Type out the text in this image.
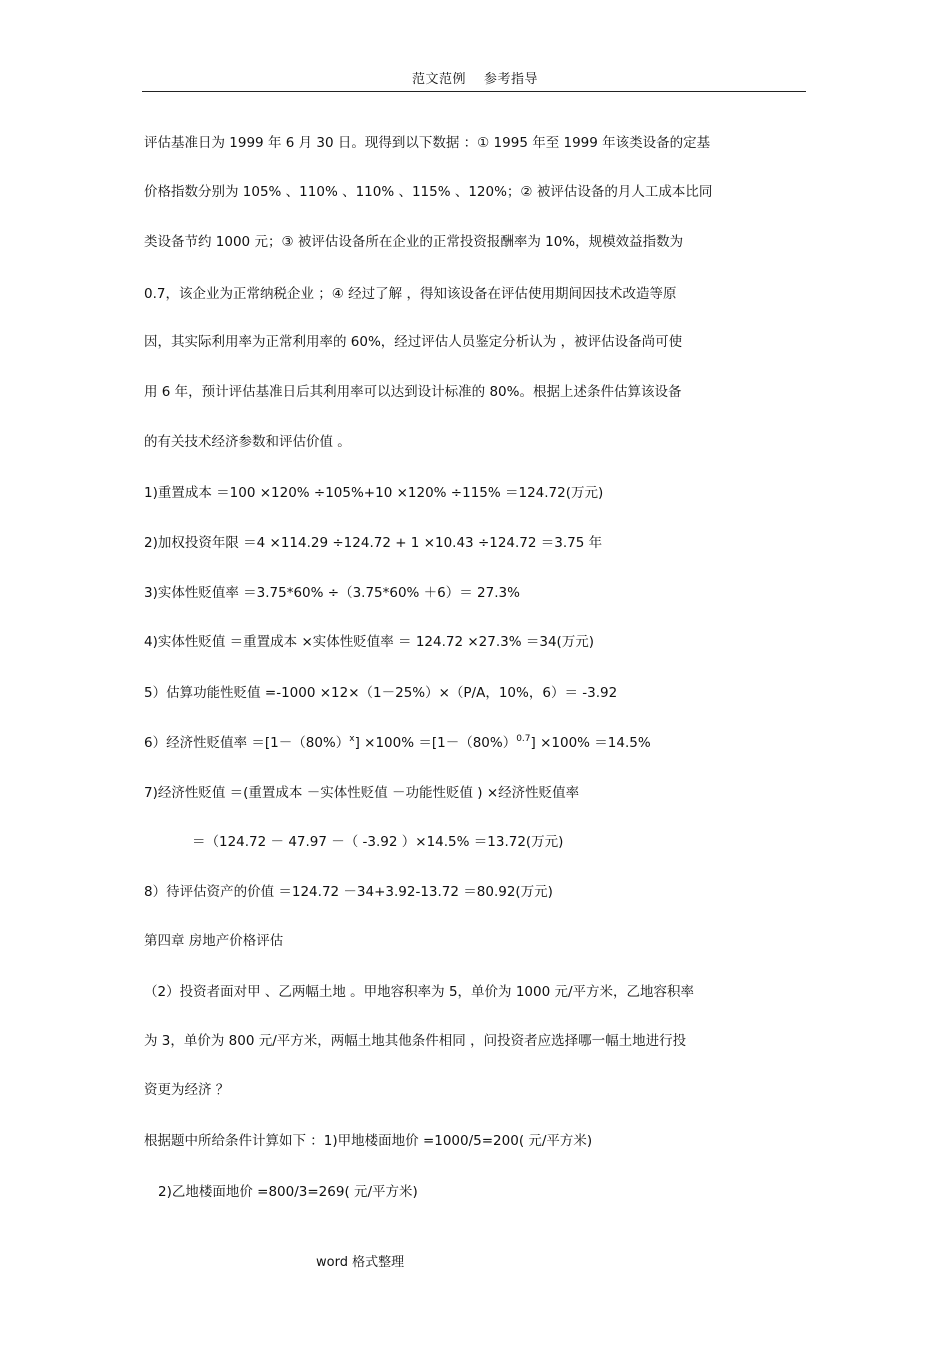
范文范例 参考指导
评估基准日为 1999 年 6 月 30 日。现得到以下数据 ：① 1995 年至 1999 年该类设备的定基
价格指数分别为 105% 、110% 、110% 、115% 、120%；② 被评估设备的月人工成本比同
类设备节约 1000 元；③ 被评估设备所在企业的正常投资报酬率为 10%，规模效益指数为
0.7，该企业为正常纳税企业 ；④ 经过了解 ，得知该设备在评估使用期间因技术改造等原
因，其实际利用率为正常利用率的 60%，经过评估人员鉴定分析认为 ，被评估设备尚可使
用 6 年，预计评估基准日后其利用率可以达到设计标准的 80%。根据上述条件估算该设备
的有关技术经济参数和评估价值 。
1)重置成本 ＝100 ×120% ÷105%+10 ×120% ÷115% ＝124.72(万元)
2)加权投资年限 ＝4 ×114.29 ÷124.72 + 1 ×10.43 ÷124.72 ＝3.75 年
3)实体性贬值率 ＝3.75*60% ÷（3.75*60% ＋6）＝ 27.3%
4)实体性贬值 ＝重置成本 ×实体性贬值率 ＝ 124.72 ×27.3% ＝34(万元)
5）估算功能性贬值 =-1000 ×12×（1－25%）×（P/A，10%，6）＝ -3.92
6）经济性贬值率 $=[1-(80\%)^x] \times 100\% =[1-(80\%)^{0.7}] \times 100\% =14.5\%$
7)经济性贬值 ＝(重置成本 －实体性贬值 －功能性贬值 ) ×经济性贬值率
＝（124.72 － 47.97 －（ -3.92 ）×14.5% ＝13.72(万元)
8）待评估资产的价值 ＝124.72 －34+3.92-13.72 ＝80.92(万元)
第四章 房地产价格评估
（2）投资者面对甲 、乙两幅土地 。甲地容积率为 5，单价为 1000 元/平方米，乙地容积率
为 3，单价为 800 元/平方米，两幅土地其他条件相同 ，问投资者应选择哪一幅土地进行投
资更为经济 ？
根据题中所给条件计算如下 ：1)甲地楼面地价 =1000/5=200( 元/平方米)
2)乙地楼面地价 =800/3=269( 元/平方米)
word 格式整理
